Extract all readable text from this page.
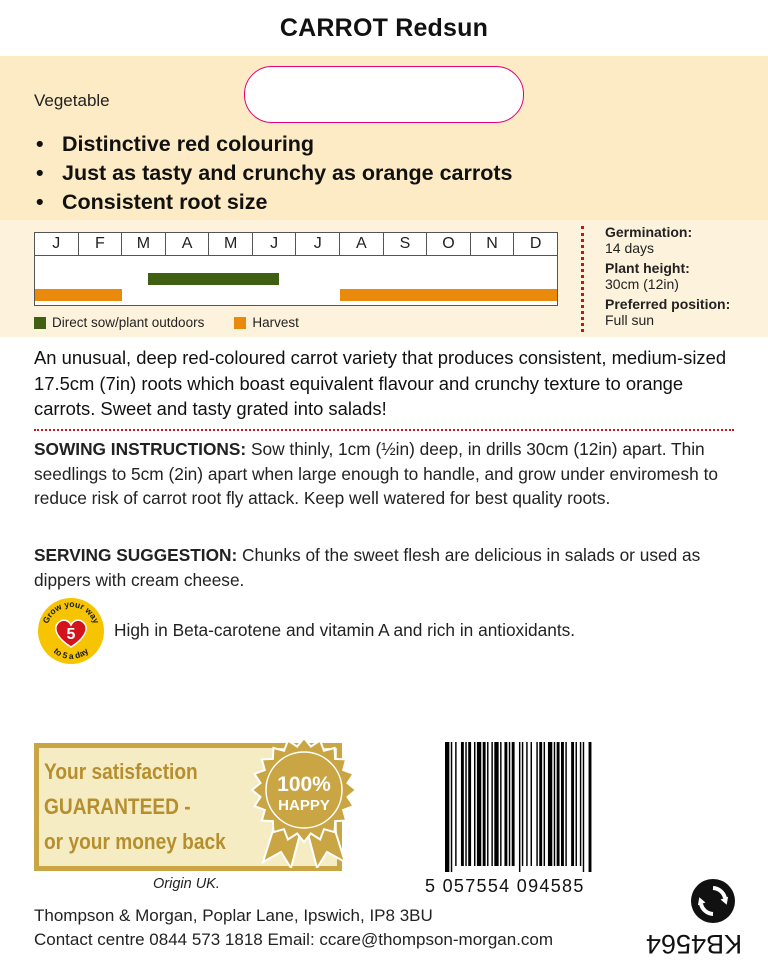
CARROT Redsun
Vegetable
• Distinctive red colouring
• Just as tasty and crunchy as orange carrots
• Consistent root size
J	F	M	A	M	J	J	A	S	O	N	D
Direct sow/plant outdoors	Harvest
Germination:
14 days
Plant height:
30cm (12in)
Preferred position:
Full sun

An unusual, deep red-coloured carrot variety that produces consistent, medium-sized 17.5cm (7in) roots which boast equivalent flavour and crunchy texture to orange carrots. Sweet and tasty grated into salads!

SOWING INSTRUCTIONS: Sow thinly, 1cm (½in) deep, in drills 30cm (12in) apart. Thin seedlings to 5cm (2in) apart when large enough to handle, and grow under enviromesh to reduce risk of carrot root fly attack. Keep well watered for best quality roots.

SERVING SUGGESTION: Chunks of the sweet flesh are delicious in salads or used as dippers with cream cheese.

Grow your way
to 5 a day
5 High in Beta-carotene and vitamin A and rich in antioxidants.
Your satisfaction
GUARANTEED -
or your money back
100%
HAPPY
Origin UK.
Thompson & Morgan, Poplar Lane, Ipswich, IP8 3BU
Contact centre 0844 573 1818 Email: ccare@thompson-morgan.com
5 057554 094585
KB4564
